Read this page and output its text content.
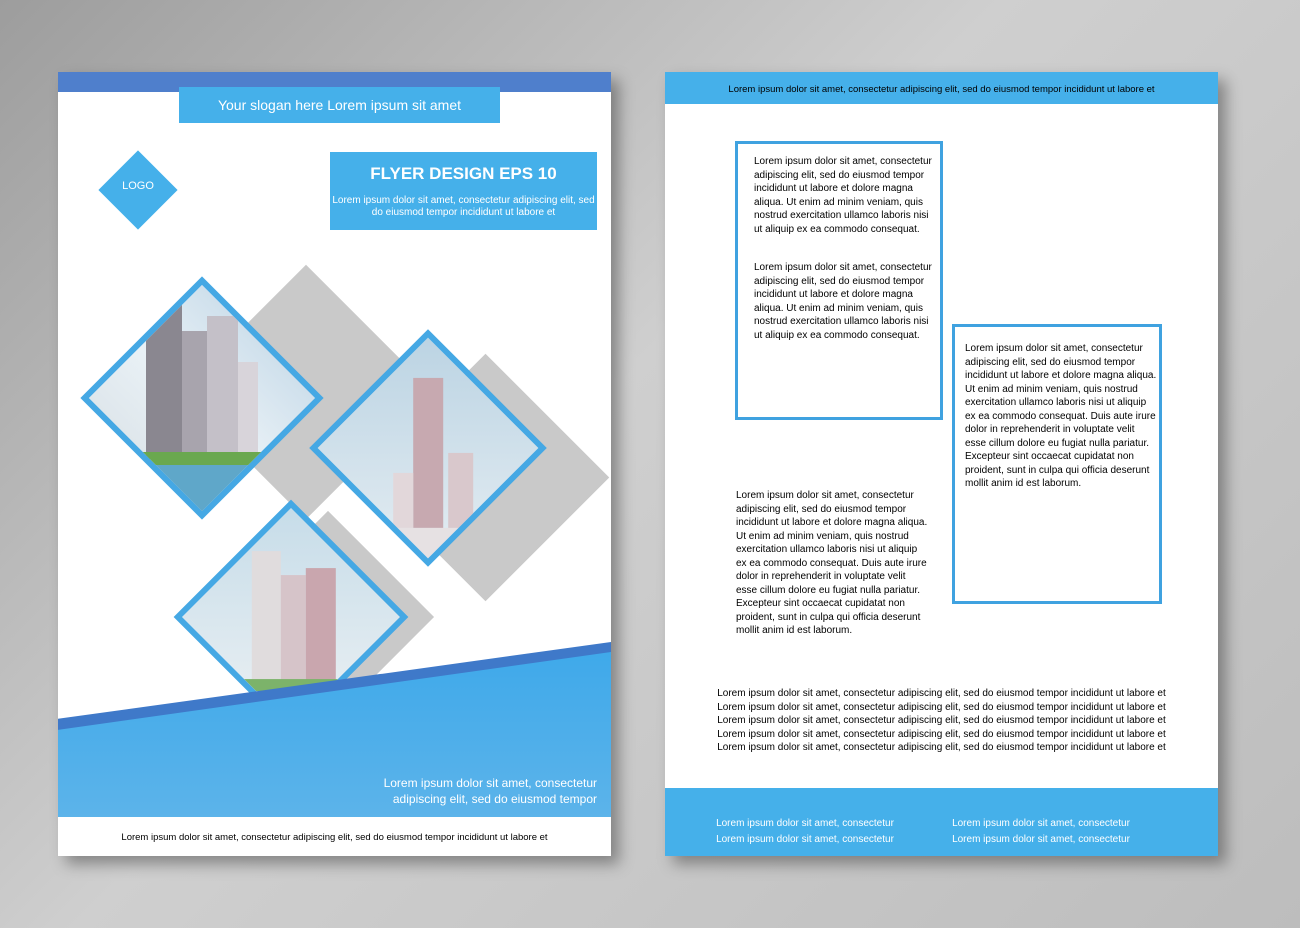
Your slogan here Lorem ipsum sit amet
LOGO
FLYER DESIGN EPS 10
Lorem ipsum dolor sit amet, consectetur adipiscing elit, sed do eiusmod tempor incididunt ut labore et
Lorem ipsum dolor sit amet, consectetur
adipiscing elit, sed do eiusmod tempor
Lorem ipsum dolor sit amet, consectetur adipiscing elit, sed do eiusmod tempor incididunt ut labore et
Lorem ipsum dolor sit amet, consectetur adipiscing elit, sed do eiusmod tempor incididunt ut labore et
Lorem ipsum dolor sit amet, consectetur adipiscing elit, sed do eiusmod tempor incididunt ut labore et dolore magna aliqua. Ut enim ad minim veniam, quis nostrud exercitation ullamco laboris nisi ut aliquip ex ea commodo consequat.
Lorem ipsum dolor sit amet, consectetur adipiscing elit, sed do eiusmod tempor incididunt ut labore et dolore magna aliqua. Ut enim ad minim veniam, quis nostrud exercitation ullamco laboris nisi ut aliquip ex ea commodo consequat.
Lorem ipsum dolor sit amet, consectetur adipiscing elit, sed do eiusmod tempor incididunt ut labore et dolore magna aliqua. Ut enim ad minim veniam, quis nostrud exercitation ullamco laboris nisi ut aliquip ex ea commodo consequat. Duis aute irure dolor in reprehenderit in voluptate velit esse cillum dolore eu fugiat nulla pariatur. Excepteur sint occaecat cupidatat non proident, sunt in culpa qui officia deserunt mollit anim id est laborum.
Lorem ipsum dolor sit amet, consectetur adipiscing elit, sed do eiusmod tempor incididunt ut labore et dolore magna aliqua. Ut enim ad minim veniam, quis nostrud exercitation ullamco laboris nisi ut aliquip ex ea commodo consequat. Duis aute irure dolor in reprehenderit in voluptate velit esse cillum dolore eu fugiat nulla pariatur. Excepteur sint occaecat cupidatat non proident, sunt in culpa qui officia deserunt mollit anim id est laborum.
Lorem ipsum dolor sit amet, consectetur adipiscing elit, sed do eiusmod tempor incididunt ut labore et
Lorem ipsum dolor sit amet, consectetur adipiscing elit, sed do eiusmod tempor incididunt ut labore et
Lorem ipsum dolor sit amet, consectetur adipiscing elit, sed do eiusmod tempor incididunt ut labore et
Lorem ipsum dolor sit amet, consectetur adipiscing elit, sed do eiusmod tempor incididunt ut labore et
Lorem ipsum dolor sit amet, consectetur adipiscing elit, sed do eiusmod tempor incididunt ut labore et
Lorem ipsum dolor sit amet, consectetur
Lorem ipsum dolor sit amet, consectetur
Lorem ipsum dolor sit amet, consectetur
Lorem ipsum dolor sit amet, consectetur
